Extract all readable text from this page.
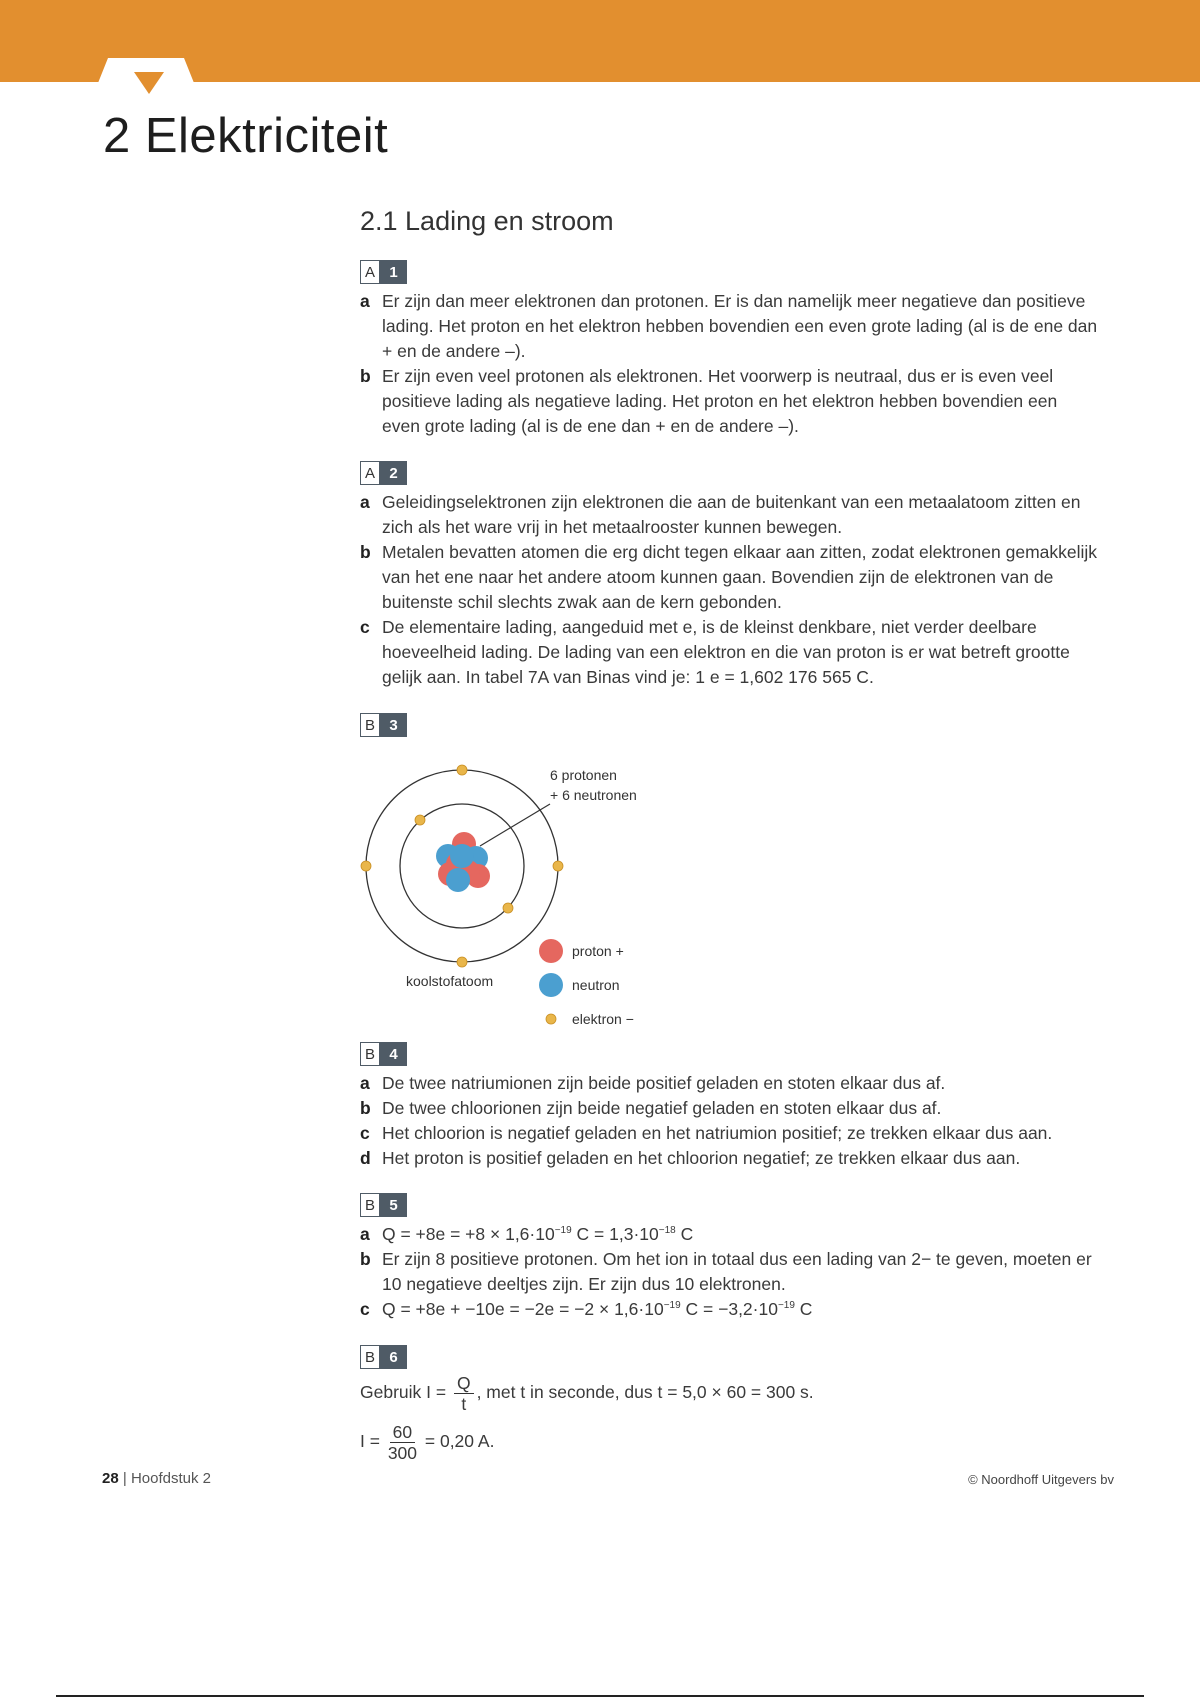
2 Elektriciteit
2.1 Lading en stroom
A 1
a Er zijn dan meer elektronen dan protonen. Er is dan namelijk meer negatieve dan positieve lading. Het proton en het elektron hebben bovendien een even grote lading (al is de ene dan + en de andere –).
b Er zijn even veel protonen als elektronen. Het voorwerp is neutraal, dus er is even veel positieve lading als negatieve lading. Het proton en het elektron hebben bovendien een even grote lading (al is de ene dan + en de andere –).
A 2
a Geleidingselektronen zijn elektronen die aan de buitenkant van een metaalatoom zitten en zich als het ware vrij in het metaalrooster kunnen bewegen.
b Metalen bevatten atomen die erg dicht tegen elkaar aan zitten, zodat elektronen gemakkelijk van het ene naar het andere atoom kunnen gaan. Bovendien zijn de elektronen van de buitenste schil slechts zwak aan de kern gebonden.
c De elementaire lading, aangeduid met e, is de kleinst denkbare, niet verder deelbare hoeveelheid lading. De lading van een elektron en die van proton is er wat betreft grootte gelijk aan. In tabel 7A van Binas vind je: 1 e = 1,602 176 565 C.
B 3
6 protonen
+ 6 neutronen
koolstofatoom
proton +
neutron
elektron −
B 4
a De twee natriumionen zijn beide positief geladen en stoten elkaar dus af.
b De twee chloorionen zijn beide negatief geladen en stoten elkaar dus af.
c Het chloorion is negatief geladen en het natriumion positief; ze trekken elkaar dus aan.
d Het proton is positief geladen en het chloorion negatief; ze trekken elkaar dus aan.
B 5
a $Q = +8e = +8 \times 1,6\cdot 10^{-19}$ $C = 1,3\cdot 10^{-18}$ C
b Er zijn 8 positieve protonen. Om het ion in totaal dus een lading van 2− te geven, moeten er 10 negatieve deeltjes zijn. Er zijn dus 10 elektronen.
c $Q = +8e + -10e = -2e = -2 \times 1,6\cdot 10^{-19}$ $C = -3,2\cdot 10^{-19}$ C
B 6
Gebruik $I = \frac{Q}{t}$ , met t in seconde, dus t = 5,0 × 60 = 300 s.
$I = \frac{60}{300} = 0,20$ A.
28 | Hoofdstuk 2	© Noordhoff Uitgevers bv
